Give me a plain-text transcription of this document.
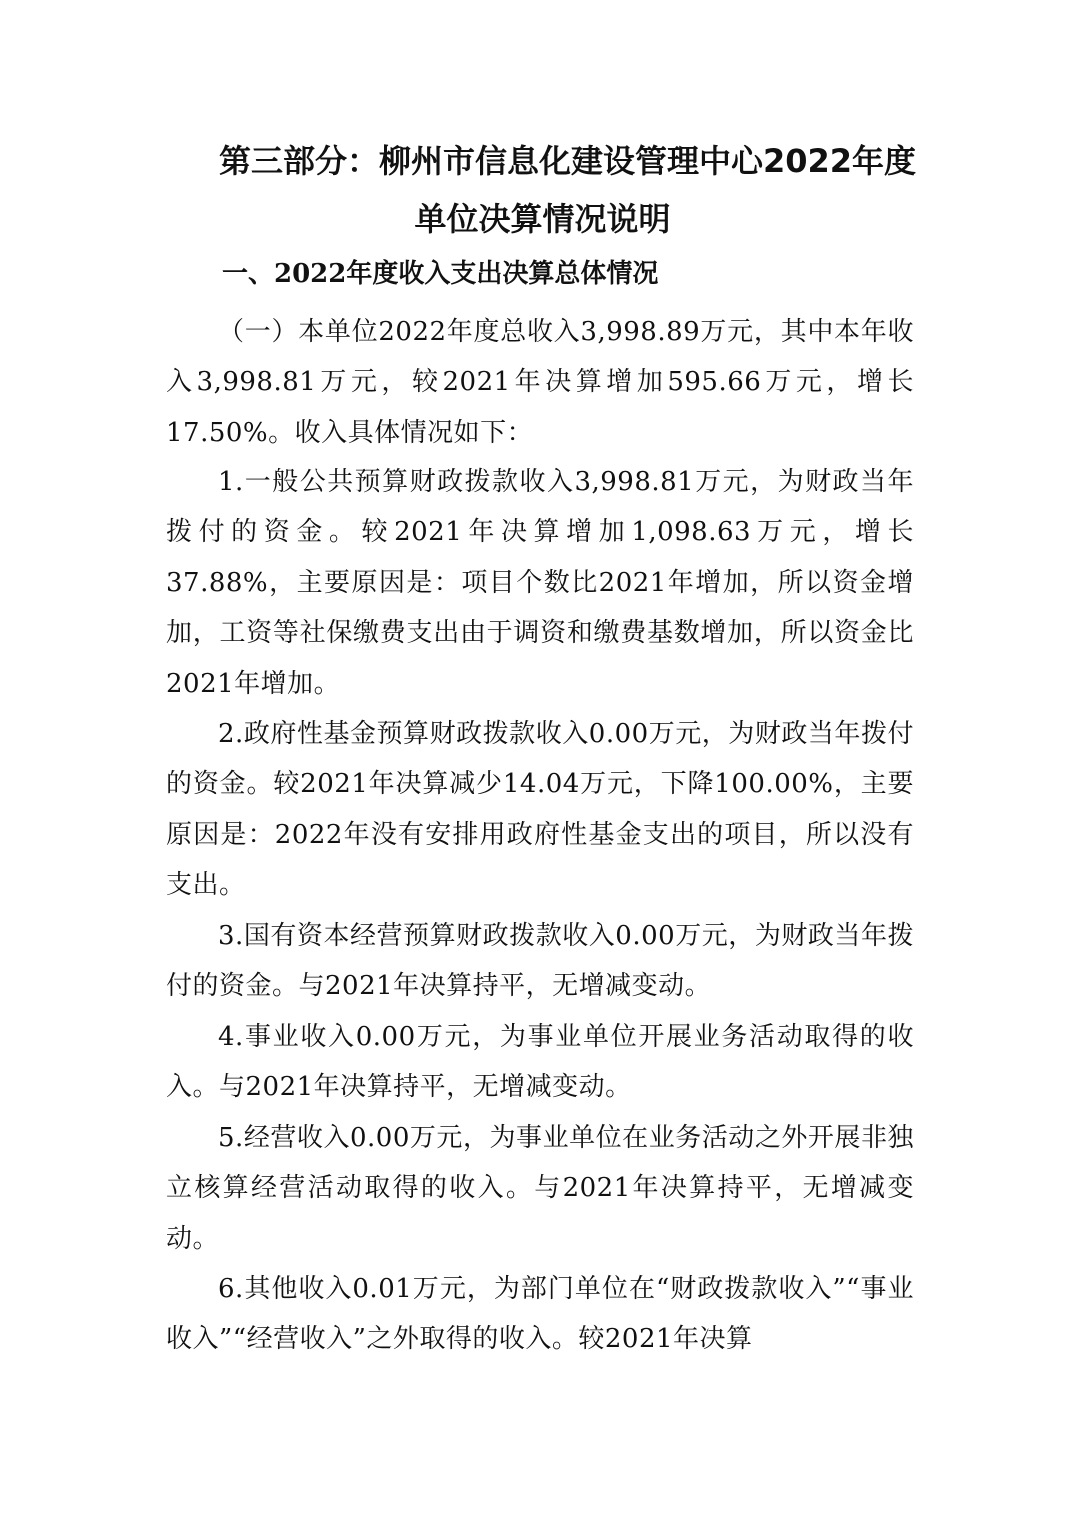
第三部分：柳州市信息化建设管理中心2022年度
单位决算情况说明
一、2022年度收入支出决算总体情况

（一）本单位2022年度总收入3,998.89万元，其中本年收入3,998.81万元，较2021年决算增加595.66万元，增长17.50%。收入具体情况如下：

1.一般公共预算财政拨款收入3,998.81万元，为财政当年拨付的资金。较2021年决算增加1,098.63万元，增长37.88%，主要原因是：项目个数比2021年增加，所以资金增加，工资等社保缴费支出由于调资和缴费基数增加，所以资金比2021年增加。

2.政府性基金预算财政拨款收入0.00万元，为财政当年拨付的资金。较2021年决算减少14.04万元，下降100.00%，主要原因是：2022年没有安排用政府性基金支出的项目，所以没有支出。

3.国有资本经营预算财政拨款收入0.00万元，为财政当年拨付的资金。与2021年决算持平，无增减变动。

4.事业收入0.00万元，为事业单位开展业务活动取得的收入。与2021年决算持平，无增减变动。

5.经营收入0.00万元，为事业单位在业务活动之外开展非独立核算经营活动取得的收入。与2021年决算持平，无增减变动。

6.其他收入0.01万元，为部门单位在“财政拨款收入”“事业收入”“经营收入”之外取得的收入。较2021年决算
